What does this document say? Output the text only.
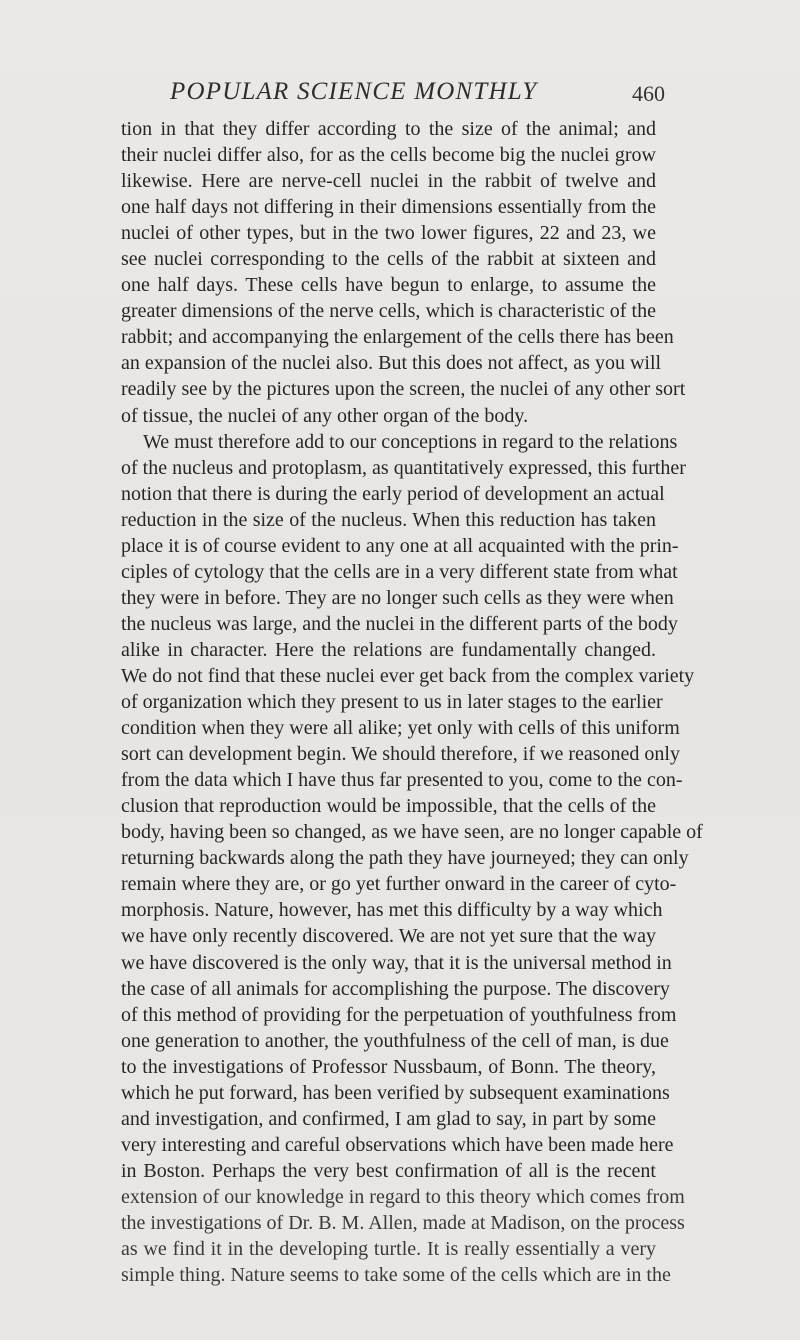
POPULAR SCIENCE MONTHLY	460
tion in that they differ according to the size of the animal; and
their nuclei differ also, for as the cells become big the nuclei grow
likewise. Here are nerve-cell nuclei in the rabbit of twelve and
one half days not differing in their dimensions essentially from the
nuclei of other types, but in the two lower figures, 22 and 23, we
see nuclei corresponding to the cells of the rabbit at sixteen and
one half days. These cells have begun to enlarge, to assume the
greater dimensions of the nerve cells, which is characteristic of the
rabbit; and accompanying the enlargement of the cells there has been
an expansion of the nuclei also. But this does not affect, as you will
readily see by the pictures upon the screen, the nuclei of any other sort
of tissue, the nuclei of any other organ of the body.
We must therefore add to our conceptions in regard to the relations
of the nucleus and protoplasm, as quantitatively expressed, this further
notion that there is during the early period of development an actual
reduction in the size of the nucleus. When this reduction has taken
place it is of course evident to any one at all acquainted with the prin-
ciples of cytology that the cells are in a very different state from what
they were in before. They are no longer such cells as they were when
the nucleus was large, and the nuclei in the different parts of the body
alike in character. Here the relations are fundamentally changed.
We do not find that these nuclei ever get back from the complex variety
of organization which they present to us in later stages to the earlier
condition when they were all alike; yet only with cells of this uniform
sort can development begin. We should therefore, if we reasoned only
from the data which I have thus far presented to you, come to the con-
clusion that reproduction would be impossible, that the cells of the
body, having been so changed, as we have seen, are no longer capable of
returning backwards along the path they have journeyed; they can only
remain where they are, or go yet further onward in the career of cyto-
morphosis. Nature, however, has met this difficulty by a way which
we have only recently discovered. We are not yet sure that the way
we have discovered is the only way, that it is the universal method in
the case of all animals for accomplishing the purpose. The discovery
of this method of providing for the perpetuation of youthfulness from
one generation to another, the youthfulness of the cell of man, is due
to the investigations of Professor Nussbaum, of Bonn. The theory,
which he put forward, has been verified by subsequent examinations
and investigation, and confirmed, I am glad to say, in part by some
very interesting and careful observations which have been made here
in Boston. Perhaps the very best confirmation of all is the recent
extension of our knowledge in regard to this theory which comes from
the investigations of Dr. B. M. Allen, made at Madison, on the process
as we find it in the developing turtle. It is really essentially a very
simple thing. Nature seems to take some of the cells which are in the
